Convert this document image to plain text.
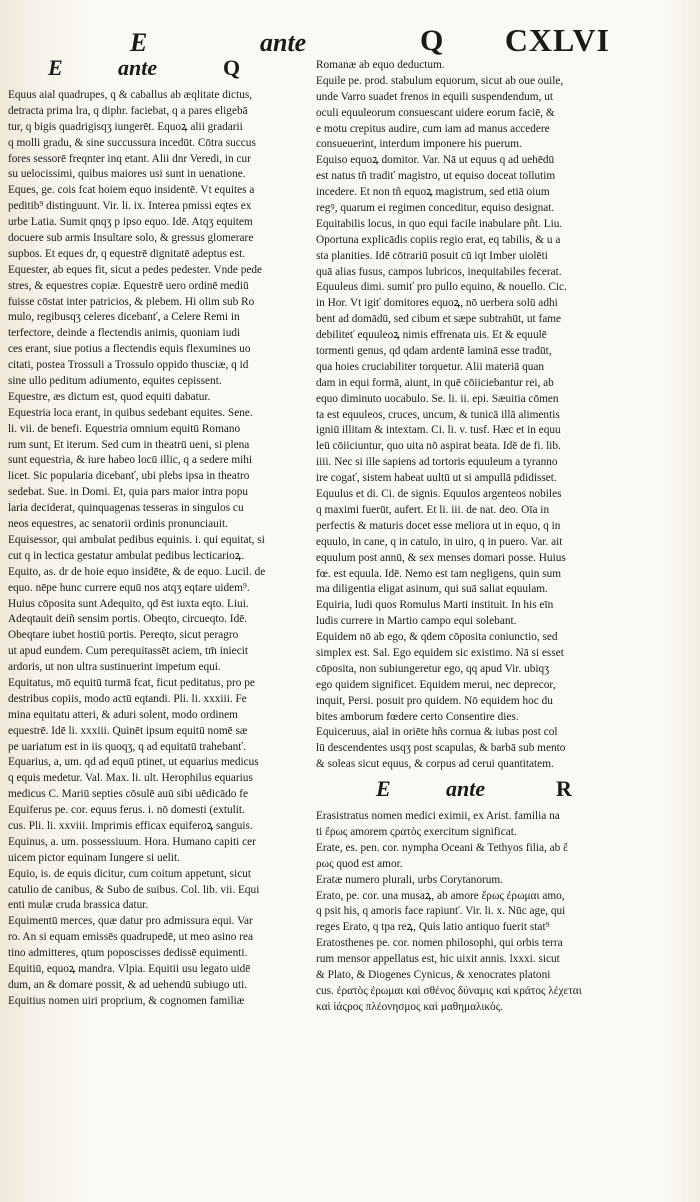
E	ante	Q CXLVI
E	ante	Q
Equus aial quadrupes, q & caballus ab æqlitate dictus,
detracta prima lra, q diphr. faciebat, q a pares eligebā
tur, q bigis quadrigisqʒ iungerēt. Equoꝝ alii gradarii
q molli gradu, & sine succussura incedūt. Cōtra succus
fores sessorē freqnter inq etant. Alii dnr Veredi, in cur
su uelocissimi, quibus maiores usi sunt in uenatione.
Eques, ge. cois fcat hoiem equo insidentē. Vt equites a
peditib⁹ distinguunt. Vir. li. ix. Interea pmissi eqtes ex
urbe Latia. Sumit qnqʒ p ipso equo. Idē. Atqʒ equitem
docuere sub armis Insultare solo, & gressus glomerare
supbos. Et eques dr, q equestrē dignitatē adeptus est.
Equester, ab eques fit, sicut a pedes pedester. Vnde pede
stres, & equestres copiæ. Equestrē uero ordinē mediū
fuisse cōstat inter patricios, & plebem. Hi olim sub Ro
mulo, regibusqʒ celeres dicebanť, a Celere Remi in
terfectore, deinde a flectendis animis, quoniam iudi
ces erant, siue potius a flectendis equis flexumines uo
citati, postea Trossuli a Trossulo oppido thusciæ, q id
sine ullo peditum adiumento, equites cepissent.
Equestre, æs dictum est, quod equiti dabatur.
Equestria loca erant, in quibus sedebant equites. Sene.
li. vii. de benefi. Equestria omnium equitū Romano
rum sunt, Et iterum. Sed cum in theatrū ueni, si plena
sunt equestria, & iure habeo locū illic, q a sedere mihi
licet. Sic popularia dicebanť, ubi plebs ipsa in theatro
sedebat. Sue. in Domi. Et, quia pars maior intra popu
laria deciderat, quinquagenas tesseras in singulos cu
neos equestres, ac senatorii ordinis pronunciauit.
Equisessor, qui ambulat pedibus equinis. i. qui equitat, si
cut q in lectica gestatur ambulat pedibus lecticarioꝝ.
Equito, as. dr de hoie equo insidēte, & de equo. Lucil. de
equo. nēpe hunc currere equū nos atqʒ eqtare uidem⁹.
Huius cōposita sunt Adequito, qd ēst iuxta eqto. Liui.
Adeqtauit deiñ sensim portis. Obeqto, circueqto. Idē.
Obeqtare iubet hostiū portis. Pereqto, sicut peragro
ut apud eundem. Cum perequitassēt aciem, tm̄ iniecit
ardoris, ut non ultra sustinuerint impetum equi.
Equitatus, mō equitū turmā fcat, ficut peditatus, pro pe
destribus copiis, modo actū eqtandi. Pli. li. xxxiii. Fe
mina equitatu atteri, & aduri solent, modo ordinem
equestrē. Idē li. xxxiii. Quinēt ipsum equitū nomē sæ
pe uariatum est in iis quoqʒ, q ad equitatū trahebanť.
Equarius, a, um. qd ad equū ptinet, ut equarius medicus
q equis medetur. Val. Max. li. ult. Herophilus equarius
medicus C. Mariū septies cōsulē auū sibi uēdicādo fe
Equiferus pe. cor. equus ferus. i. nō domesti (extulit.
cus. Pli. li. xxviii. Imprimis efficax equiferoꝝ sanguis.
Equinus, a. um. possessiuum. Hora. Humano capiti cer
uicem pictor equinam Iungere si uelit.
Equio, is. de equis dicitur, cum coitum appetunt, sicut
catulio de canibus, & Subo de suibus. Col. lib. vii. Equi
enti mulæ cruda brassica datur.
Equimentū merces, quæ datur pro admissura equi. Var
ro. An si equam emissēs quadrupedē, ut meo asino rea
tino admitteres, qtum poposcisses dedissē equimenti.
Equitiū, equoꝝ mandra. Vlpia. Equitii usu legato uidē
dum, an & domare possit, & ad uehendū subiugo uti.
Equitius nomen uiri proprium, & cognomen familiæ
Romanæ ab equo deductum.
Equile pe. prod. stabulum equorum, sicut ab oue ouile,
unde Varro suadet frenos in equili suspendendum, ut
oculi equuleorum consuescant uidere eorum faciē, &
e motu crepitus audire, cum iam ad manus accedere
consueuerint, interdum imponere his puerum.
Equiso equoꝝ domitor. Var. Nā ut equus q ad uehēdū
est natus tñ tradiť magistro, ut equiso doceat tollutim
incedere. Et non tñ equoꝝ magistrum, sed etiā oium
regꝰ, quarum ei regimen conceditur, equiso designat.
Equitabilis locus, in quo equi facile inabulare pñt. Liu.
Oportuna explicādis copiis regio erat, eq tabilis, & u a
sta planities. Idē cōtrariū posuit cū iqt Imber uiolēti
quā alias fusus, campos lubricos, inequitabiles fecerat.
Equuleus dimi. sumiť pro pullo equino, & nouello. Cic.
in Hor. Vt igiť domitores equoꝝ, nō uerbera solū adhi
bent ad domādū, sed cibum et sæpe subtrahūt, ut fame
debiliteť equuleoꝝ nimis effrenata uis. Et & equulē
tormenti genus, qd qdam ardentē laminā esse tradūt,
qua hoies cruciabiliter torquetur. Alii materiā quan
dam in equi formā, aiunt, in quē cōiiciebantur rei, ab
equo diminuto uocabulo. Se. li. ii. epi. Sæuitia cōmen
ta est equuleos, cruces, uncum, & tunicā illā alimentis
igniū illitam & intextam. Ci. li. v. tusf. Hæc et in equu
leū cōiiciuntur, quo uita nō aspirat beata. Idē de fi. lib.
iiii. Nec si ille sapiens ad tortoris equuleum a tyranno
ire cogať, sistem habeat uultū ut si ampullā pdidisset.
Equulus et di. Ci. de signis. Equulos argenteos nobiles
q maximi fuerūt, aufert. Et li. iii. de nat. deo. Oīa in
perfectis & maturis docet esse meliora ut in equo, q in
equulo, in cane, q in catulo, in uiro, q in puero. Var. ait
equulum post annū, & sex menses domari posse. Huius
fœ. est equula. Idē. Nemo est tam negligens, quin sum
ma diligentia eligat asinum, qui suā saliat equulam.
Equiria, ludi quos Romulus Marti instituit. In his eīn
ludis currere in Martio campo equi solebant.
Equidem nō ab ego, & qdem cōposita coniunctio, sed
simplex est. Sal. Ego equidem sic existimo. Nā si esset
cōposita, non subiungeretur ego, qq apud Vir. ubiqʒ
ego quidem significet. Equidem merui, nec deprecor,
inquit, Persi. posuit pro quidem. Nō equidem hoc du
bites amborum fœdere certo Consentire dies.
Equiceruus, aial in oriēte hñs cornua & iubas post col
lū descendentes usqʒ post scapulas, & barbā sub mento
& soleas sicut equus, & corpus ad cerui quantitatem.
E	ante	R
Erasistratus nomen medici eximii, ex Arist. familia na
ti ἔρως amorem ϛρατὸς exercitum significat.
Erate, es. pen. cor. nympha Oceani & Tethyos filia, ab ἔ
ρως quod est amor.
Eratæ numero plurali, urbs Corytanorum.
Erato, pe. cor. una musaꝝ, ab amore ἔρως ἐρωμαι amo,
q psit his, q amoris face rapiunť. Vir. li. x. Nūc age, qui
reges Erato, q tpa reꝝ, Quis latio antiquo fuerit stat⁹
Eratosthenes pe. cor. nomen philosophi, qui orbis terra
rum mensor appellatus est, hic uixit annis. lxxxi. sicut
& Plato, & Diogenes Cynicus, & xenocrates platoni
cus. ἐρατὸς ἐρωμαι καὶ σθένος δύναμις καὶ κράτος λέχεται
καὶ ἰάϛρος πλέονησμος καὶ μαθημαλικὸς.
